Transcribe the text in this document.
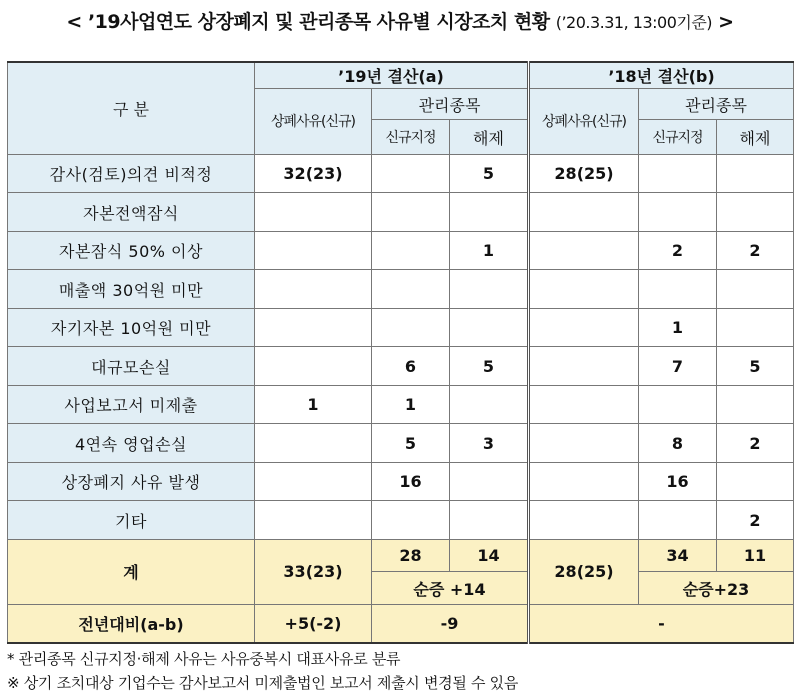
< ’19사업연도 상장폐지 및 관리종목 사유별 시장조치 현황 (’20.3.31, 13:00기준) >
구 분	’19년 결산(a)			’18년 결산(b)		
	상폐사유(신규)	관리종목		상폐사유(신규)	관리종목	
		신규지정	해제		신규지정	해제
감사(검토)의견 비적정	32(23)		5	28(25)		
자본전액잠식						
자본잠식 50% 이상			1		2	2
매출액 30억원 미만						
자기자본 10억원 미만					1	
대규모손실		6	5		7	5
사업보고서 미제출	1	1				
4연속 영업손실		5	3		8	2
상장폐지 사유 발생		16			16	
기타						2
계	33(23)	28	14	28(25)	34	11
		순증 +14			순증+23	
전년대비(a-b)	+5(-2)	-9		-		
* 관리종목 신규지정·해제 사유는 사유중복시 대표사유로 분류
※ 상기 조치대상 기업수는 감사보고서 미제출법인 보고서 제출시 변경될 수 있음
